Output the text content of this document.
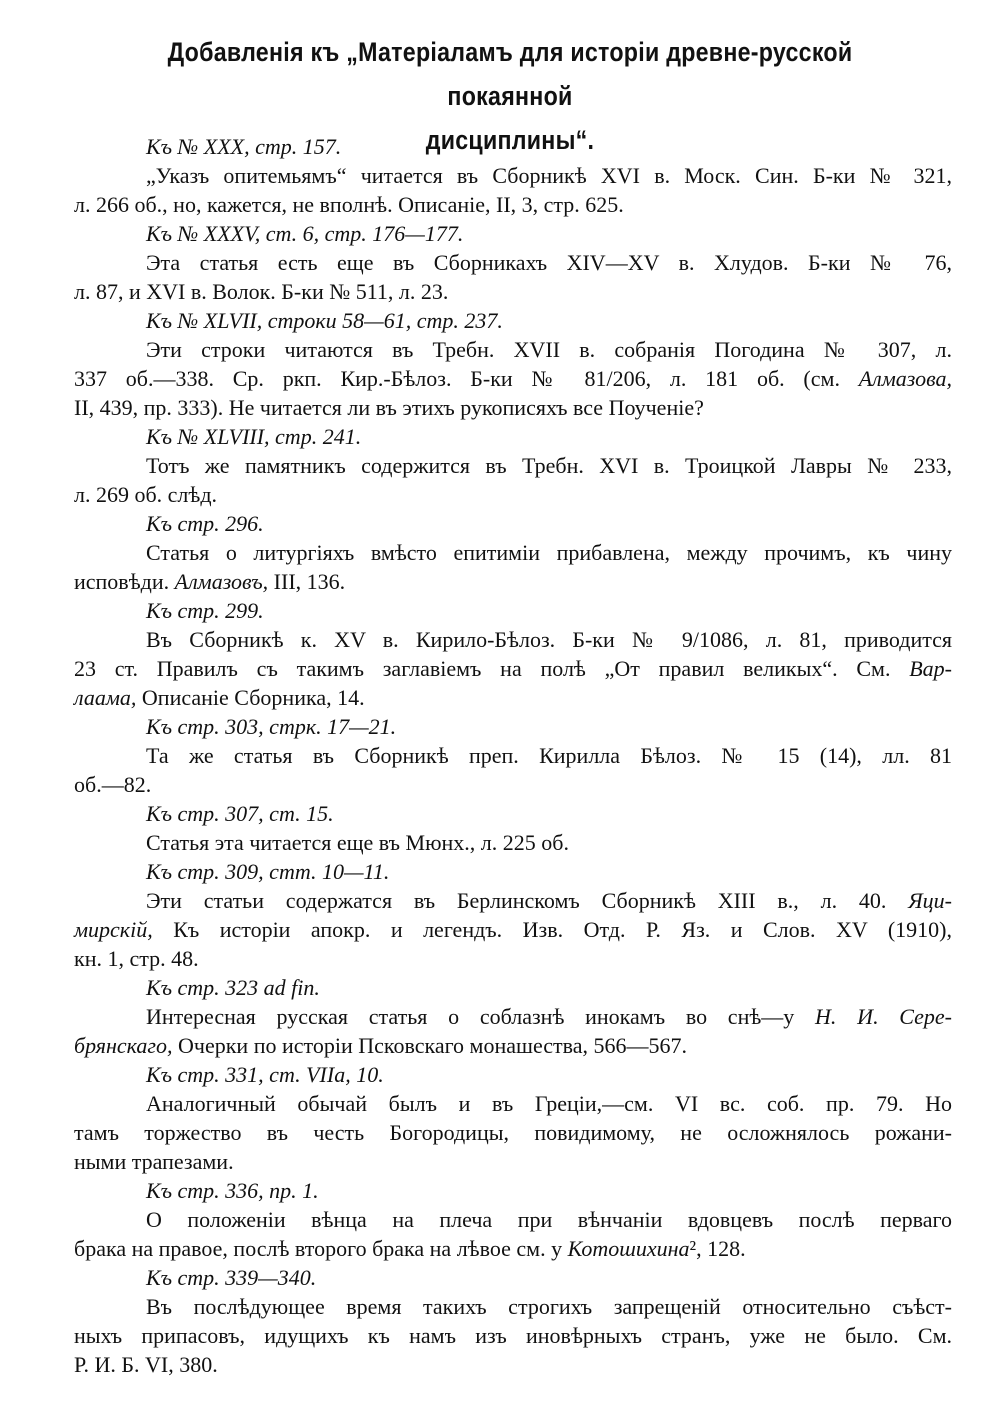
Добавленія къ „Матеріаламъ для исторіи древне-русской покаянной
дисциплины“.
Къ № XXX, стр. 157.
„Указъ опитемьямъ“ читается въ Сборникѣ XVI в. Моск. Син. Б-ки № 321,
л. 266 об., но, кажется, не вполнѣ. Описаніе, II, 3, стр. 625.
Къ № XXXV, ст. 6, стр. 176—177.
Эта статья есть еще въ Сборникахъ XIV—XV в. Хлудов. Б-ки № 76,
л. 87, и XVI в. Волок. Б-ки № 511, л. 23.
Къ № XLVII, строки 58—61, стр. 237.
Эти строки читаются въ Требн. XVII в. собранія Погодина № 307, л.
337 об.—338. Ср. ркп. Кир.-Бѣлоз. Б-ки № 81/206, л. 181 об. (см. Алмазова,
II, 439, пр. 333). Не читается ли въ этихъ рукописяхъ все Поученіе?
Къ № XLVIII, стр. 241.
Тотъ же памятникъ содержится въ Требн. XVI в. Троицкой Лавры № 233,
л. 269 об. слѣд.
Къ стр. 296.
Статья о литургіяхъ вмѣсто епитиміи прибавлена, между прочимъ, къ чину
исповѣди. Алмазовъ, III, 136.
Къ стр. 299.
Въ Сборникѣ к. XV в. Кирило-Бѣлоз. Б-ки № 9/1086, л. 81, приводится
23 ст. Правилъ съ такимъ заглавіемъ на полѣ „От правил великых“. См. Вар-
лаама, Описаніе Сборника, 14.
Къ стр. 303, стрк. 17—21.
Та же статья въ Сборникѣ преп. Кирилла Бѣлоз. № 15 (14), лл. 81
об.—82.
Къ стр. 307, ст. 15.
Статья эта читается еще въ Мюнх., л. 225 об.
Къ стр. 309, стт. 10—11.
Эти статьи содержатся въ Берлинскомъ Сборникѣ XIII в., л. 40. Яци-
мирскій, Къ исторіи апокр. и легендъ. Изв. Отд. Р. Яз. и Слов. XV (1910),
кн. 1, стр. 48.
Къ стр. 323 ad fin.
Интересная русская статья о соблазнѣ инокамъ во снѣ—у Н. И. Сере-
брянскаго, Очерки по исторіи Псковскаго монашества, 566—567.
Къ стр. 331, ст. VIIa, 10.
Аналогичный обычай былъ и въ Греціи,—см. VI вс. соб. пр. 79. Но
тамъ торжество въ честь Богородицы, повидимому, не осложнялось рожани-
ными трапезами.
Къ стр. 336, пр. 1.
О положеніи вѣнца на плеча при вѣнчаніи вдовцевъ послѣ перваго
брака на правое, послѣ второго брака на лѣвое см. у Котошихина², 128.
Къ стр. 339—340.
Въ послѣдующее время такихъ строгихъ запрещеній относительно съѣст-
ныхъ припасовъ, идущихъ къ намъ изъ иновѣрныхъ странъ, уже не было. См.
Р. И. Б. VI, 380.
